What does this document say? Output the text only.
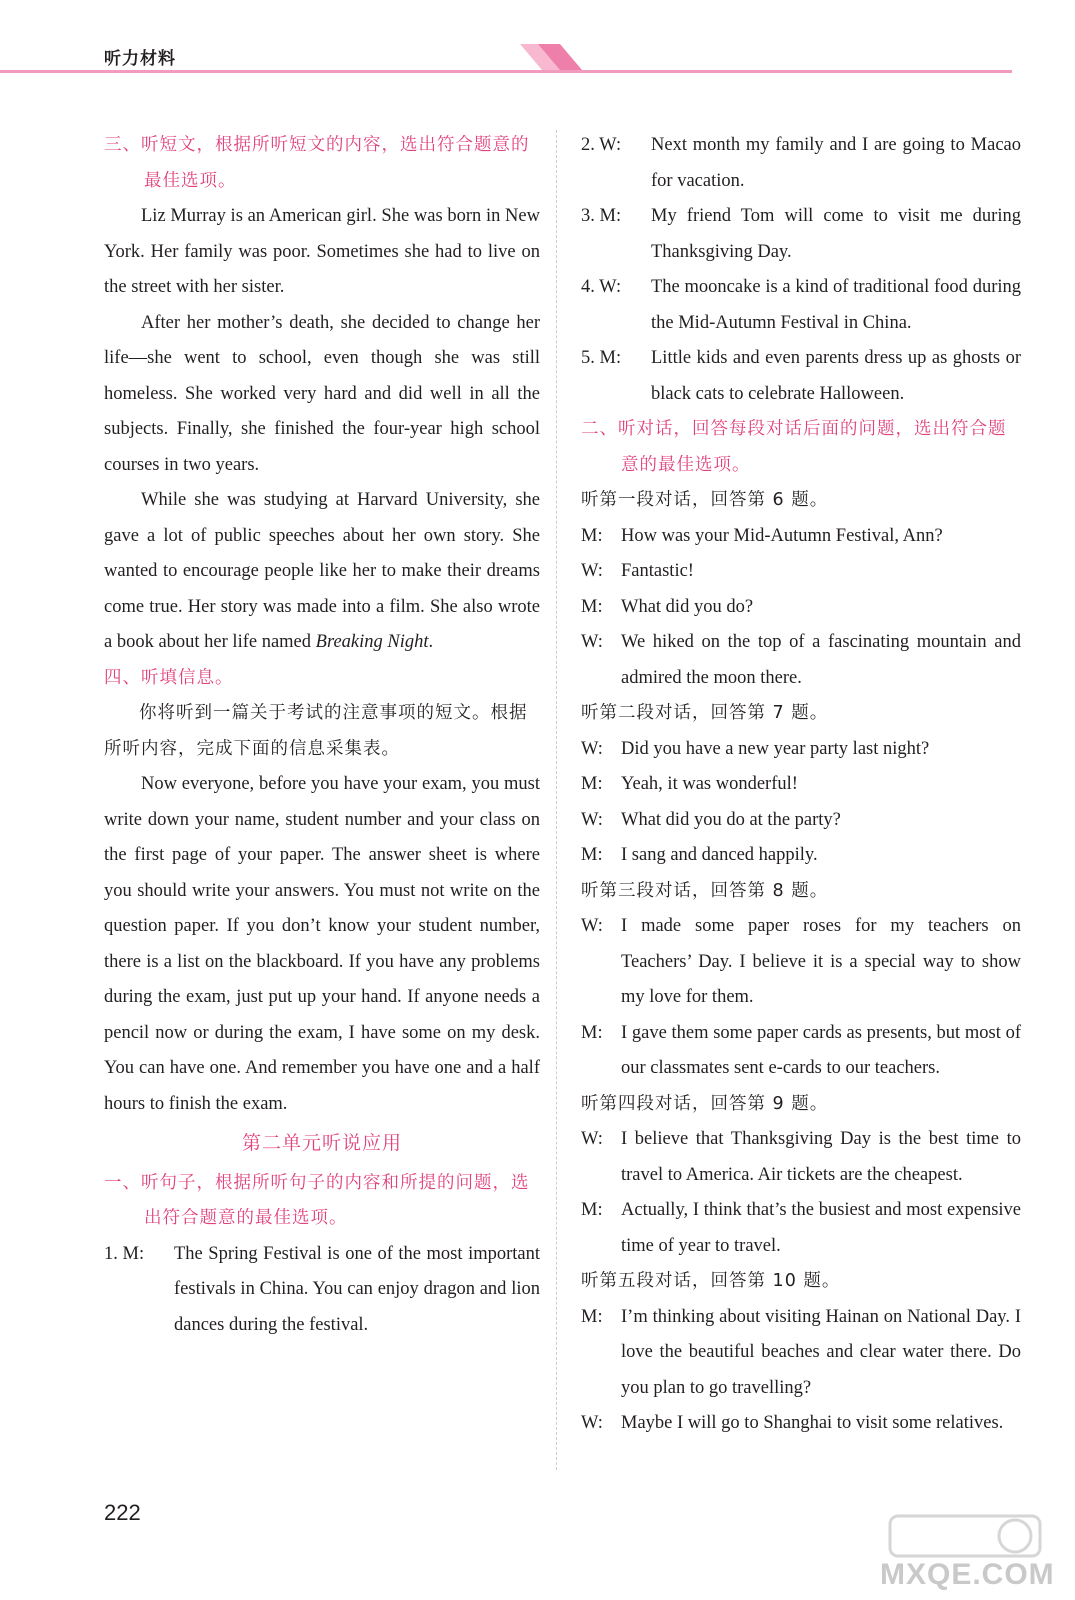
听力材料
三、听短文，根据所听短文的内容，选出符合题意的最佳选项。

Liz Murray is an American girl. She was born in New York. Her family was poor. Sometimes she had to live on the street with her sister.

After her mother’s death, she decided to change her life—she went to school, even though she was still homeless. She worked very hard and did well in all the subjects. Finally, she finished the four-year high school courses in two years.

While she was studying at Harvard University, she gave a lot of public speeches about her own story. She wanted to encourage people like her to make their dreams come true. Her story was made into a film. She also wrote a book about her life named Breaking Night.

四、听填信息。

你将听到一篇关于考试的注意事项的短文。根据所听内容，完成下面的信息采集表。

Now everyone, before you have your exam, you must write down your name, student number and your class on the first page of your paper. The answer sheet is where you should write your answers. You must not write on the question paper. If you don’t know your student number, there is a list on the blackboard. If you have any problems during the exam, just put up your hand. If anyone needs a pencil now or during the exam, I have some on my desk. You can have one. And remember you have one and a half hours to finish the exam.

第二单元听说应用
一、听句子，根据所听句子的内容和所提的问题，选出符合题意的最佳选项。
1. M:	The Spring Festival is one of the most important festivals in China. You can enjoy dragon and lion dances during the festival.
2. W:	Next month my family and I are going to Macao for vacation.
3. M:	My friend Tom will come to visit me during Thanksgiving Day.
4. W:	The mooncake is a kind of traditional food during the Mid-Autumn Festival in China.
5. M:	Little kids and even parents dress up as ghosts or black cats to celebrate Halloween.
二、听对话，回答每段对话后面的问题，选出符合题意的最佳选项。
听第一段对话，回答第 6 题。
M: How was your Mid-Autumn Festival, Ann?
W: Fantastic!
M: What did you do?
W: We hiked on the top of a fascinating mountain and admired the moon there.
听第二段对话，回答第 7 题。
W: Did you have a new year party last night?
M: Yeah, it was wonderful!
W: What did you do at the party?
M: I sang and danced happily.
听第三段对话，回答第 8 题。
W: I made some paper roses for my teachers on Teachers’ Day. I believe it is a special way to show my love for them.
M: I gave them some paper cards as presents, but most of our classmates sent e-cards to our teachers.
听第四段对话，回答第 9 题。
W: I believe that Thanksgiving Day is the best time to travel to America. Air tickets are the cheapest.
M: Actually, I think that’s the busiest and most expensive time of year to travel.
听第五段对话，回答第 10 题。
M: I’m thinking about visiting Hainan on National Day. I love the beautiful beaches and clear water there. Do you plan to go travelling?
W: Maybe I will go to Shanghai to visit some relatives.
222
MXQE.COM
